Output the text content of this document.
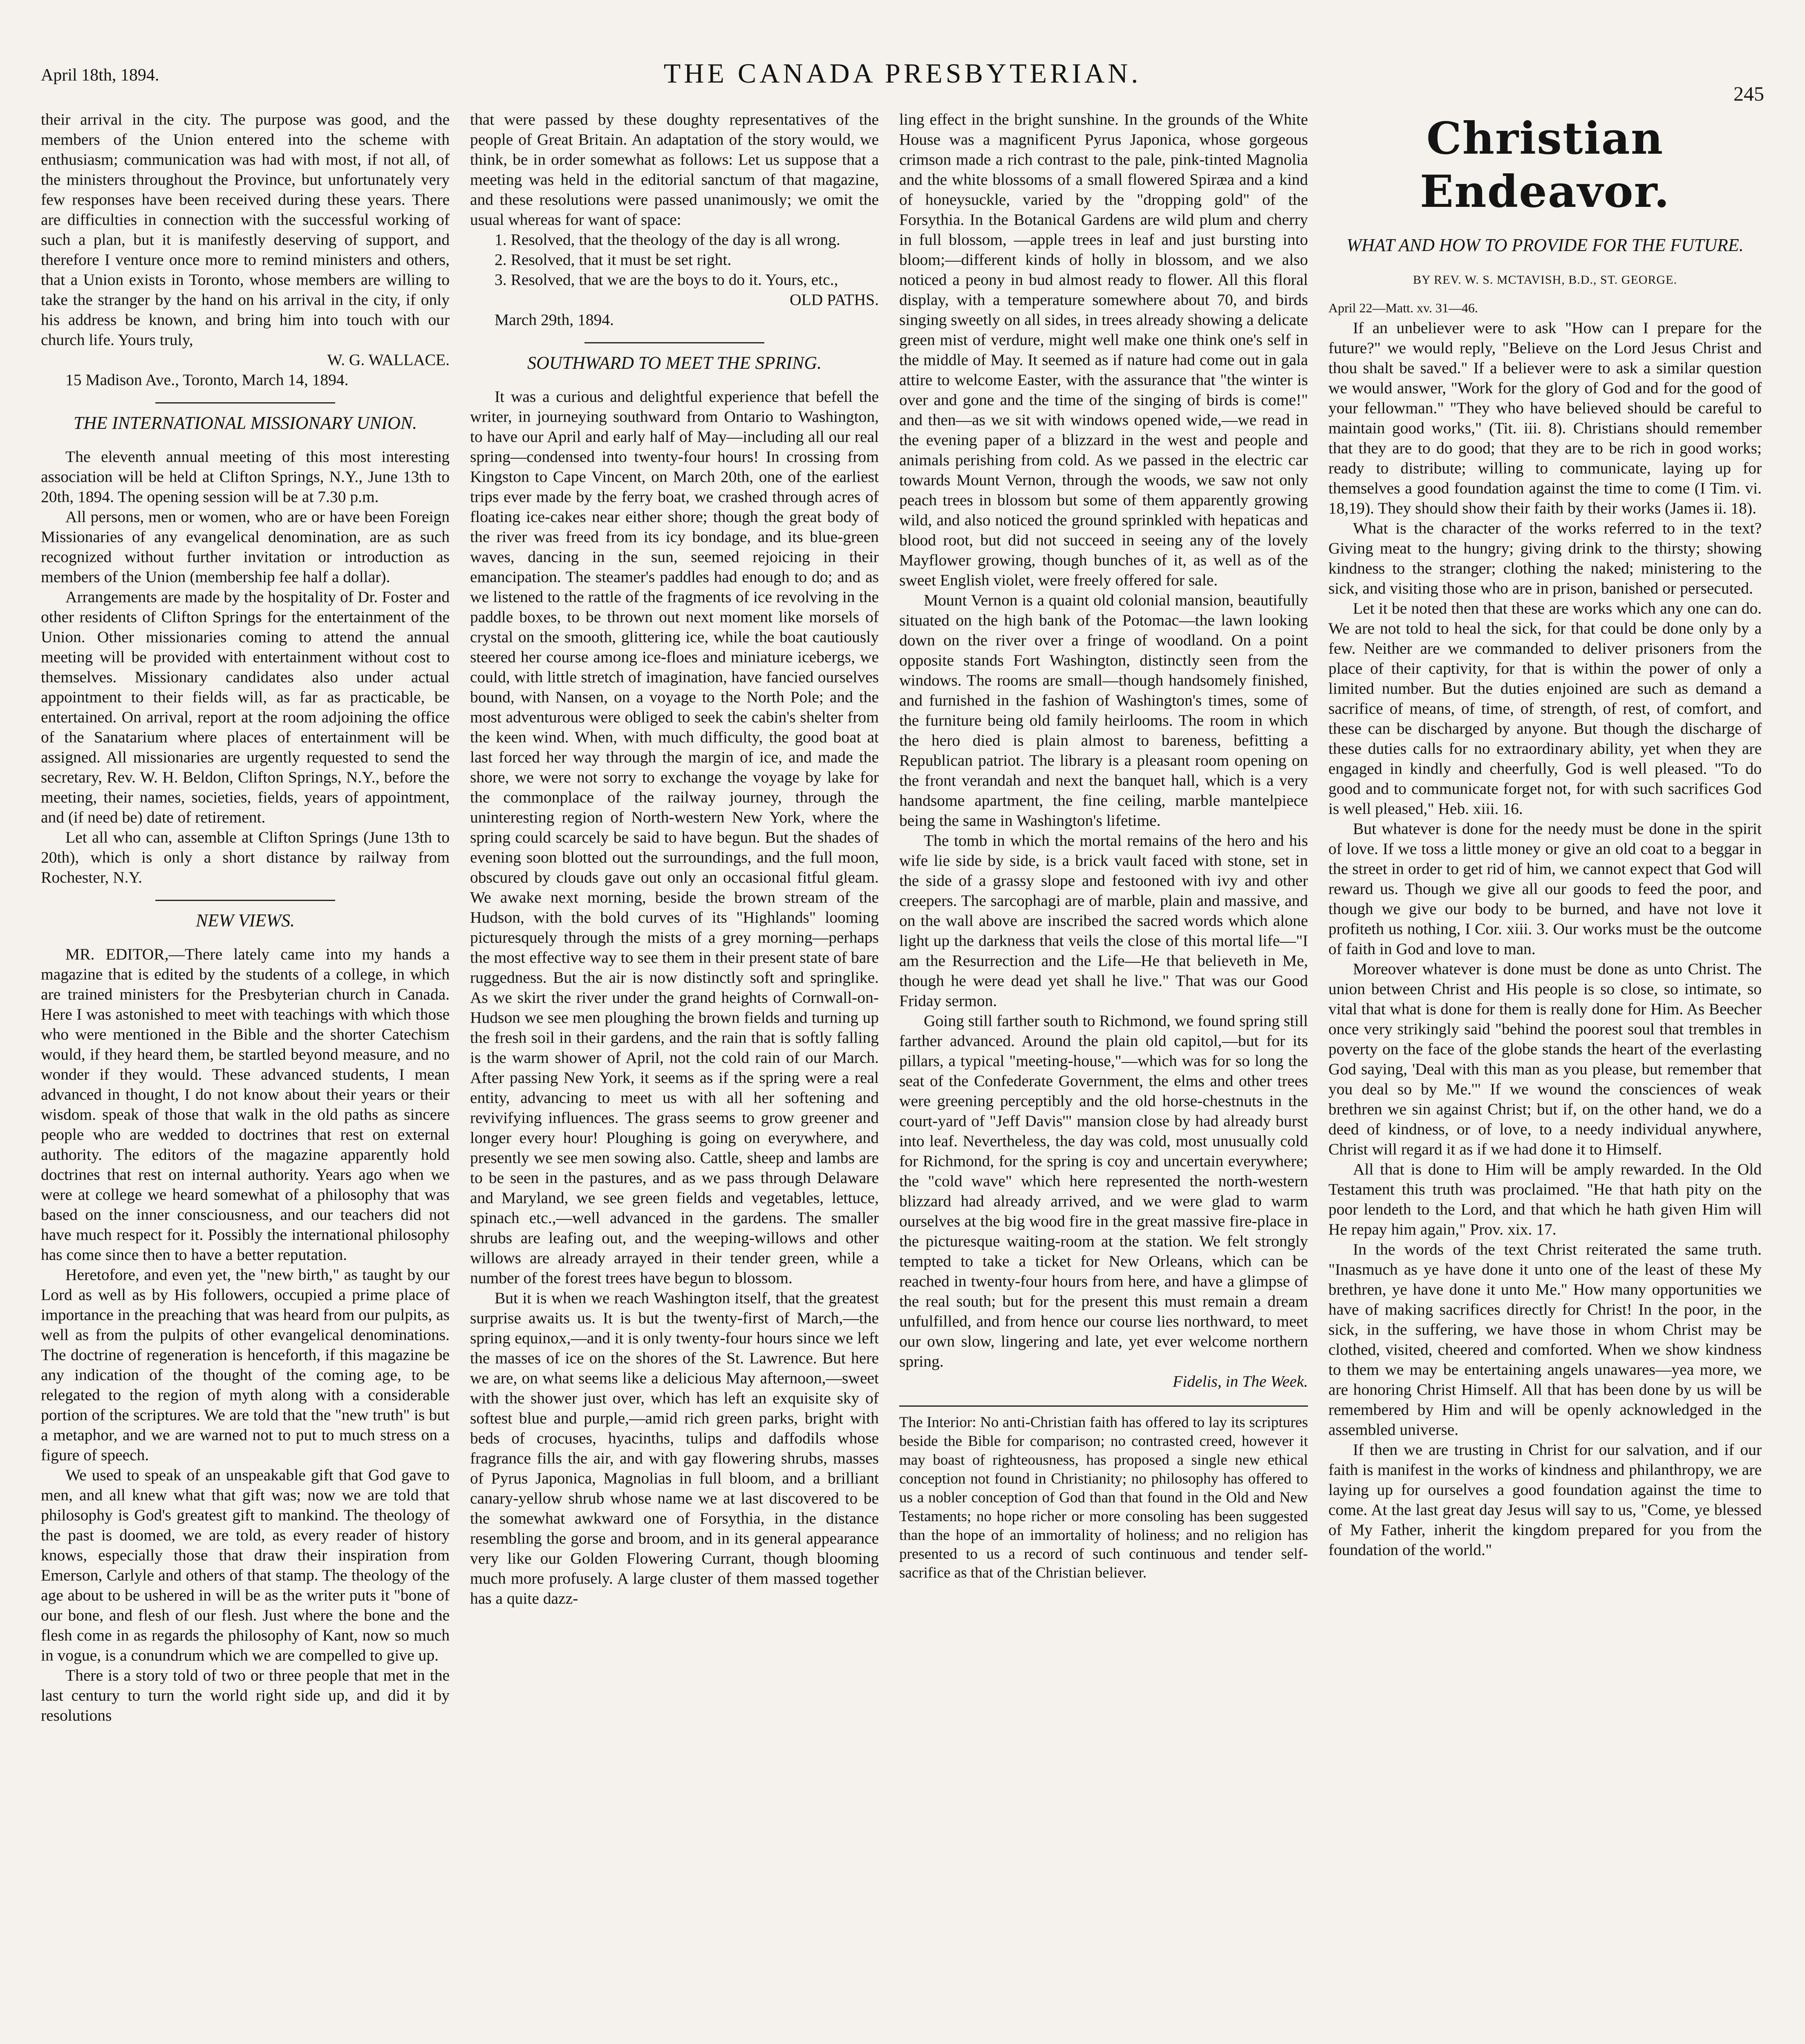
April 18th, 1894.	THE CANADA PRESBYTERIAN.
245

their arrival in the city. The purpose was good, and the members of the Union entered into the scheme with enthusiasm; communication was had with most, if not all, of the ministers throughout the Province, but unfortunately very few responses have been received during these years. There are difficulties in connection with the successful working of such a plan, but it is manifestly deserving of support, and therefore I venture once more to remind ministers and others, that a Union exists in Toronto, whose members are willing to take the stranger by the hand on his arrival in the city, if only his address be known, and bring him into touch with our church life. Yours truly,

W. G. WALLACE.

15 Madison Ave., Toronto, March 14, 1894.

THE INTERNATIONAL MISSIONARY UNION.

The eleventh annual meeting of this most interesting association will be held at Clifton Springs, N.Y., June 13th to 20th, 1894. The opening session will be at 7.30 p.m.

All persons, men or women, who are or have been Foreign Missionaries of any evangelical denomination, are as such recognized without further invitation or introduction as members of the Union (membership fee half a dollar).

Arrangements are made by the hospitality of Dr. Foster and other residents of Clifton Springs for the entertainment of the Union. Other missionaries coming to attend the annual meeting will be provided with entertainment without cost to themselves. Missionary candidates also under actual appointment to their fields will, as far as practicable, be entertained. On arrival, report at the room adjoining the office of the Sanatarium where places of entertainment will be assigned. All missionaries are urgently requested to send the secretary, Rev. W. H. Beldon, Clifton Springs, N.Y., before the meeting, their names, societies, fields, years of appointment, and (if need be) date of retirement.

Let all who can, assemble at Clifton Springs (June 13th to 20th), which is only a short distance by railway from Rochester, N.Y.

NEW VIEWS.

MR. EDITOR,—There lately came into my hands a magazine that is edited by the students of a college, in which are trained ministers for the Presbyterian church in Canada. Here I was astonished to meet with teachings with which those who were mentioned in the Bible and the shorter Catechism would, if they heard them, be startled beyond measure, and no wonder if they would. These advanced students, I mean advanced in thought, I do not know about their years or their wisdom. speak of those that walk in the old paths as sincere people who are wedded to doctrines that rest on external authority. The editors of the magazine apparently hold doctrines that rest on internal authority. Years ago when we were at college we heard somewhat of a philosophy that was based on the inner consciousness, and our teachers did not have much respect for it. Possibly the international philosophy has come since then to have a better reputation.

Heretofore, and even yet, the "new birth," as taught by our Lord as well as by His followers, occupied a prime place of importance in the preaching that was heard from our pulpits, as well as from the pulpits of other evangelical denominations. The doctrine of regeneration is henceforth, if this magazine be any indication of the thought of the coming age, to be relegated to the region of myth along with a considerable portion of the scriptures. We are told that the "new truth" is but a metaphor, and we are warned not to put to much stress on a figure of speech.

We used to speak of an unspeakable gift that God gave to men, and all knew what that gift was; now we are told that philosophy is God's greatest gift to mankind. The theology of the past is doomed, we are told, as every reader of history knows, especially those that draw their inspiration from Emerson, Carlyle and others of that stamp. The theology of the age about to be ushered in will be as the writer puts it "bone of our bone, and flesh of our flesh. Just where the bone and the flesh come in as regards the philosophy of Kant, now so much in vogue, is a conundrum which we are compelled to give up.

There is a story told of two or three people that met in the last century to turn the world right side up, and did it by resolutions

that were passed by these doughty representatives of the people of Great Britain. An adaptation of the story would, we think, be in order somewhat as follows: Let us suppose that a meeting was held in the editorial sanctum of that magazine, and these resolutions were passed unanimously; we omit the usual whereas for want of space:

1. Resolved, that the theology of the day is all wrong.

2. Resolved, that it must be set right.

3. Resolved, that we are the boys to do it. Yours, etc.,

OLD PATHS.

March 29th, 1894.

SOUTHWARD TO MEET THE SPRING.

It was a curious and delightful experience that befell the writer, in journeying southward from Ontario to Washington, to have our April and early half of May—including all our real spring—condensed into twenty-four hours! In crossing from Kingston to Cape Vincent, on March 20th, one of the earliest trips ever made by the ferry boat, we crashed through acres of floating ice-cakes near either shore; though the great body of the river was freed from its icy bondage, and its blue-green waves, dancing in the sun, seemed rejoicing in their emancipation. The steamer's paddles had enough to do; and as we listened to the rattle of the fragments of ice revolving in the paddle boxes, to be thrown out next moment like morsels of crystal on the smooth, glittering ice, while the boat cautiously steered her course among ice-floes and miniature icebergs, we could, with little stretch of imagination, have fancied ourselves bound, with Nansen, on a voyage to the North Pole; and the most adventurous were obliged to seek the cabin's shelter from the keen wind. When, with much difficulty, the good boat at last forced her way through the margin of ice, and made the shore, we were not sorry to exchange the voyage by lake for the commonplace of the railway journey, through the uninteresting region of North-western New York, where the spring could scarcely be said to have begun. But the shades of evening soon blotted out the surroundings, and the full moon, obscured by clouds gave out only an occasional fitful gleam. We awake next morning, beside the brown stream of the Hudson, with the bold curves of its "Highlands" looming picturesquely through the mists of a grey morning—perhaps the most effective way to see them in their present state of bare ruggedness. But the air is now distinctly soft and springlike. As we skirt the river under the grand heights of Cornwall-on-Hudson we see men ploughing the brown fields and turning up the fresh soil in their gardens, and the rain that is softly falling is the warm shower of April, not the cold rain of our March. After passing New York, it seems as if the spring were a real entity, advancing to meet us with all her softening and revivifying influences. The grass seems to grow greener and longer every hour! Ploughing is going on everywhere, and presently we see men sowing also. Cattle, sheep and lambs are to be seen in the pastures, and as we pass through Delaware and Maryland, we see green fields and vegetables, lettuce, spinach etc.,—well advanced in the gardens. The smaller shrubs are leafing out, and the weeping-willows and other willows are already arrayed in their tender green, while a number of the forest trees have begun to blossom.

But it is when we reach Washington itself, that the greatest surprise awaits us. It is but the twenty-first of March,—the spring equinox,—and it is only twenty-four hours since we left the masses of ice on the shores of the St. Lawrence. But here we are, on what seems like a delicious May afternoon,—sweet with the shower just over, which has left an exquisite sky of softest blue and purple,—amid rich green parks, bright with beds of crocuses, hyacinths, tulips and daffodils whose fragrance fills the air, and with gay flowering shrubs, masses of Pyrus Japonica, Magnolias in full bloom, and a brilliant canary-yellow shrub whose name we at last discovered to be the somewhat awkward one of Forsythia, in the distance resembling the gorse and broom, and in its general appearance very like our Golden Flowering Currant, though blooming much more profusely. A large cluster of them massed together has a quite dazz-

ling effect in the bright sunshine. In the grounds of the White House was a magnificent Pyrus Japonica, whose gorgeous crimson made a rich contrast to the pale, pink-tinted Magnolia and the white blossoms of a small flowered Spiræa and a kind of honeysuckle, varied by the "dropping gold" of the Forsythia. In the Botanical Gardens are wild plum and cherry in full blossom, —apple trees in leaf and just bursting into bloom;—different kinds of holly in blossom, and we also noticed a peony in bud almost ready to flower. All this floral display, with a temperature somewhere about 70, and birds singing sweetly on all sides, in trees already showing a delicate green mist of verdure, might well make one think one's self in the middle of May. It seemed as if nature had come out in gala attire to welcome Easter, with the assurance that "the winter is over and gone and the time of the singing of birds is come!" and then—as we sit with windows opened wide,—we read in the evening paper of a blizzard in the west and people and animals perishing from cold. As we passed in the electric car towards Mount Vernon, through the woods, we saw not only peach trees in blossom but some of them apparently growing wild, and also noticed the ground sprinkled with hepaticas and blood root, but did not succeed in seeing any of the lovely Mayflower growing, though bunches of it, as well as of the sweet English violet, were freely offered for sale.

Mount Vernon is a quaint old colonial mansion, beautifully situated on the high bank of the Potomac—the lawn looking down on the river over a fringe of woodland. On a point opposite stands Fort Washington, distinctly seen from the windows. The rooms are small—though handsomely finished, and furnished in the fashion of Washington's times, some of the furniture being old family heirlooms. The room in which the hero died is plain almost to bareness, befitting a Republican patriot. The library is a pleasant room opening on the front verandah and next the banquet hall, which is a very handsome apartment, the fine ceiling, marble mantelpiece being the same in Washington's lifetime.

The tomb in which the mortal remains of the hero and his wife lie side by side, is a brick vault faced with stone, set in the side of a grassy slope and festooned with ivy and other creepers. The sarcophagi are of marble, plain and massive, and on the wall above are inscribed the sacred words which alone light up the darkness that veils the close of this mortal life—"I am the Resurrection and the Life—He that believeth in Me, though he were dead yet shall he live." That was our Good Friday sermon.

Going still farther south to Richmond, we found spring still farther advanced. Around the plain old capitol,—but for its pillars, a typical "meeting-house,"—which was for so long the seat of the Confederate Government, the elms and other trees were greening perceptibly and the old horse-chestnuts in the court-yard of "Jeff Davis'" mansion close by had already burst into leaf. Nevertheless, the day was cold, most unusually cold for Richmond, for the spring is coy and uncertain everywhere; the "cold wave" which here represented the north-western blizzard had already arrived, and we were glad to warm ourselves at the big wood fire in the great massive fire-place in the picturesque waiting-room at the station. We felt strongly tempted to take a ticket for New Orleans, which can be reached in twenty-four hours from here, and have a glimpse of the real south; but for the present this must remain a dream unfulfilled, and from hence our course lies northward, to meet our own slow, lingering and late, yet ever welcome northern spring.

Fidelis, in The Week.

The Interior: No anti-Christian faith has offered to lay its scriptures beside the Bible for comparison; no contrasted creed, however it may boast of righteousness, has proposed a single new ethical conception not found in Christianity; no philosophy has offered to us a nobler conception of God than that found in the Old and New Testaments; no hope richer or more consoling has been suggested than the hope of an immortality of holiness; and no religion has presented to us a record of such continuous and tender self-sacrifice as that of the Christian believer.

Christian Endeavor.
WHAT AND HOW TO PROVIDE FOR THE FUTURE.
BY REV. W. S. MCTAVISH, B.D., ST. GEORGE.

April 22—Matt. xv. 31—46.

If an unbeliever were to ask "How can I prepare for the future?" we would reply, "Believe on the Lord Jesus Christ and thou shalt be saved." If a believer were to ask a similar question we would answer, "Work for the glory of God and for the good of your fellowman." "They who have believed should be careful to maintain good works," (Tit. iii. 8). Christians should remember that they are to do good; that they are to be rich in good works; ready to distribute; willing to communicate, laying up for themselves a good foundation against the time to come (I Tim. vi. 18,19). They should show their faith by their works (James ii. 18).

What is the character of the works referred to in the text? Giving meat to the hungry; giving drink to the thirsty; showing kindness to the stranger; clothing the naked; ministering to the sick, and visiting those who are in prison, banished or persecuted.

Let it be noted then that these are works which any one can do. We are not told to heal the sick, for that could be done only by a few. Neither are we commanded to deliver prisoners from the place of their captivity, for that is within the power of only a limited number. But the duties enjoined are such as demand a sacrifice of means, of time, of strength, of rest, of comfort, and these can be discharged by anyone. But though the discharge of these duties calls for no extraordinary ability, yet when they are engaged in kindly and cheerfully, God is well pleased. "To do good and to communicate forget not, for with such sacrifices God is well pleased," Heb. xiii. 16.

But whatever is done for the needy must be done in the spirit of love. If we toss a little money or give an old coat to a beggar in the street in order to get rid of him, we cannot expect that God will reward us. Though we give all our goods to feed the poor, and though we give our body to be burned, and have not love it profiteth us nothing, I Cor. xiii. 3. Our works must be the outcome of faith in God and love to man.

Moreover whatever is done must be done as unto Christ. The union between Christ and His people is so close, so intimate, so vital that what is done for them is really done for Him. As Beecher once very strikingly said "behind the poorest soul that trembles in poverty on the face of the globe stands the heart of the everlasting God saying, 'Deal with this man as you please, but remember that you deal so by Me.'" If we wound the consciences of weak brethren we sin against Christ; but if, on the other hand, we do a deed of kindness, or of love, to a needy individual anywhere, Christ will regard it as if we had done it to Himself.

All that is done to Him will be amply rewarded. In the Old Testament this truth was proclaimed. "He that hath pity on the poor lendeth to the Lord, and that which he hath given Him will He repay him again," Prov. xix. 17.

In the words of the text Christ reiterated the same truth. "Inasmuch as ye have done it unto one of the least of these My brethren, ye have done it unto Me." How many opportunities we have of making sacrifices directly for Christ! In the poor, in the sick, in the suffering, we have those in whom Christ may be clothed, visited, cheered and comforted. When we show kindness to them we may be entertaining angels unawares—yea more, we are honoring Christ Himself. All that has been done by us will be remembered by Him and will be openly acknowledged in the assembled universe.

If then we are trusting in Christ for our salvation, and if our faith is manifest in the works of kindness and philanthropy, we are laying up for ourselves a good foundation against the time to come. At the last great day Jesus will say to us, "Come, ye blessed of My Father, inherit the kingdom prepared for you from the foundation of the world."
